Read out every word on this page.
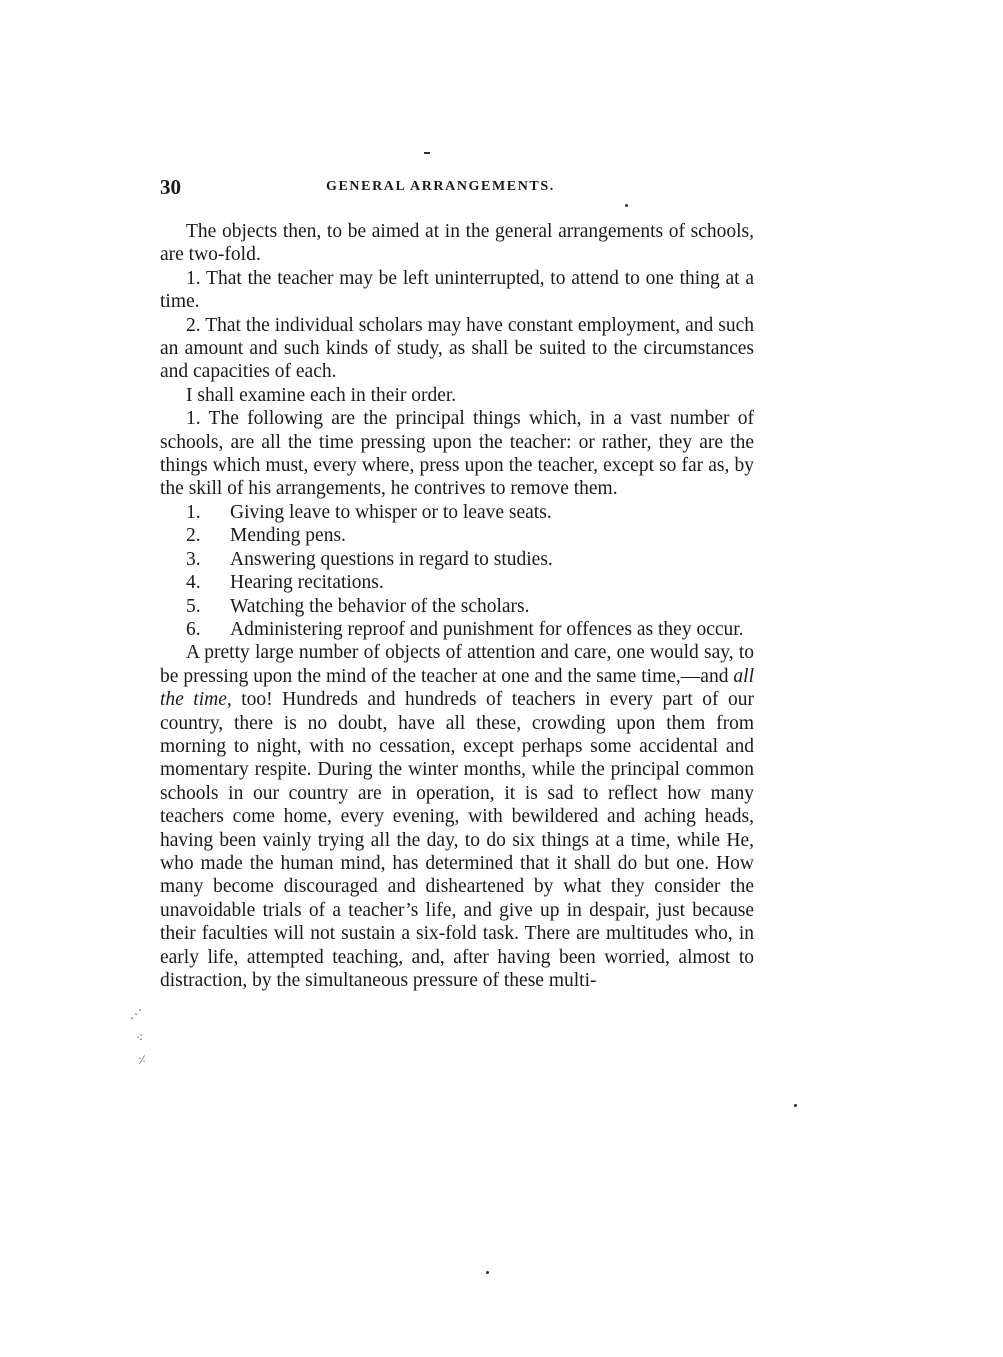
30	GENERAL ARRANGEMENTS.

The objects then, to be aimed at in the general arrangements of schools, are two-fold.

1. That the teacher may be left uninterrupted, to attend to one thing at a time.

2. That the individual scholars may have constant employment, and such an amount and such kinds of study, as shall be suited to the circumstances and capacities of each.

I shall examine each in their order.

1. The following are the principal things which, in a vast number of schools, are all the time pressing upon the teacher: or rather, they are the things which must, every where, press upon the teacher, except so far as, by the skill of his arrangements, he contrives to remove them.

1. Giving leave to whisper or to leave seats.
2. Mending pens.
3. Answering questions in regard to studies.
4. Hearing recitations.
5. Watching the behavior of the scholars.
6. Administering reproof and punishment for offences as they occur.

A pretty large number of objects of attention and care, one would say, to be pressing upon the mind of the teacher at one and the same time,—and all the time, too! Hundreds and hundreds of teachers in every part of our country, there is no doubt, have all these, crowding upon them from morning to night, with no cessation, except perhaps some accidental and momentary respite. During the winter months, while the principal common schools in our country are in operation, it is sad to reflect how many teachers come home, every evening, with bewildered and aching heads, having been vainly trying all the day, to do six things at a time, while He, who made the human mind, has determined that it shall do but one. How many become discouraged and disheartened by what they consider the unavoidable trials of a teacher’s life, and give up in despair, just because their faculties will not sustain a six-fold task. There are multitudes who, in early life, attempted teaching, and, after having been worried, almost to distraction, by the simultaneous pressure of these multi-

⋰
⁖
⸓
